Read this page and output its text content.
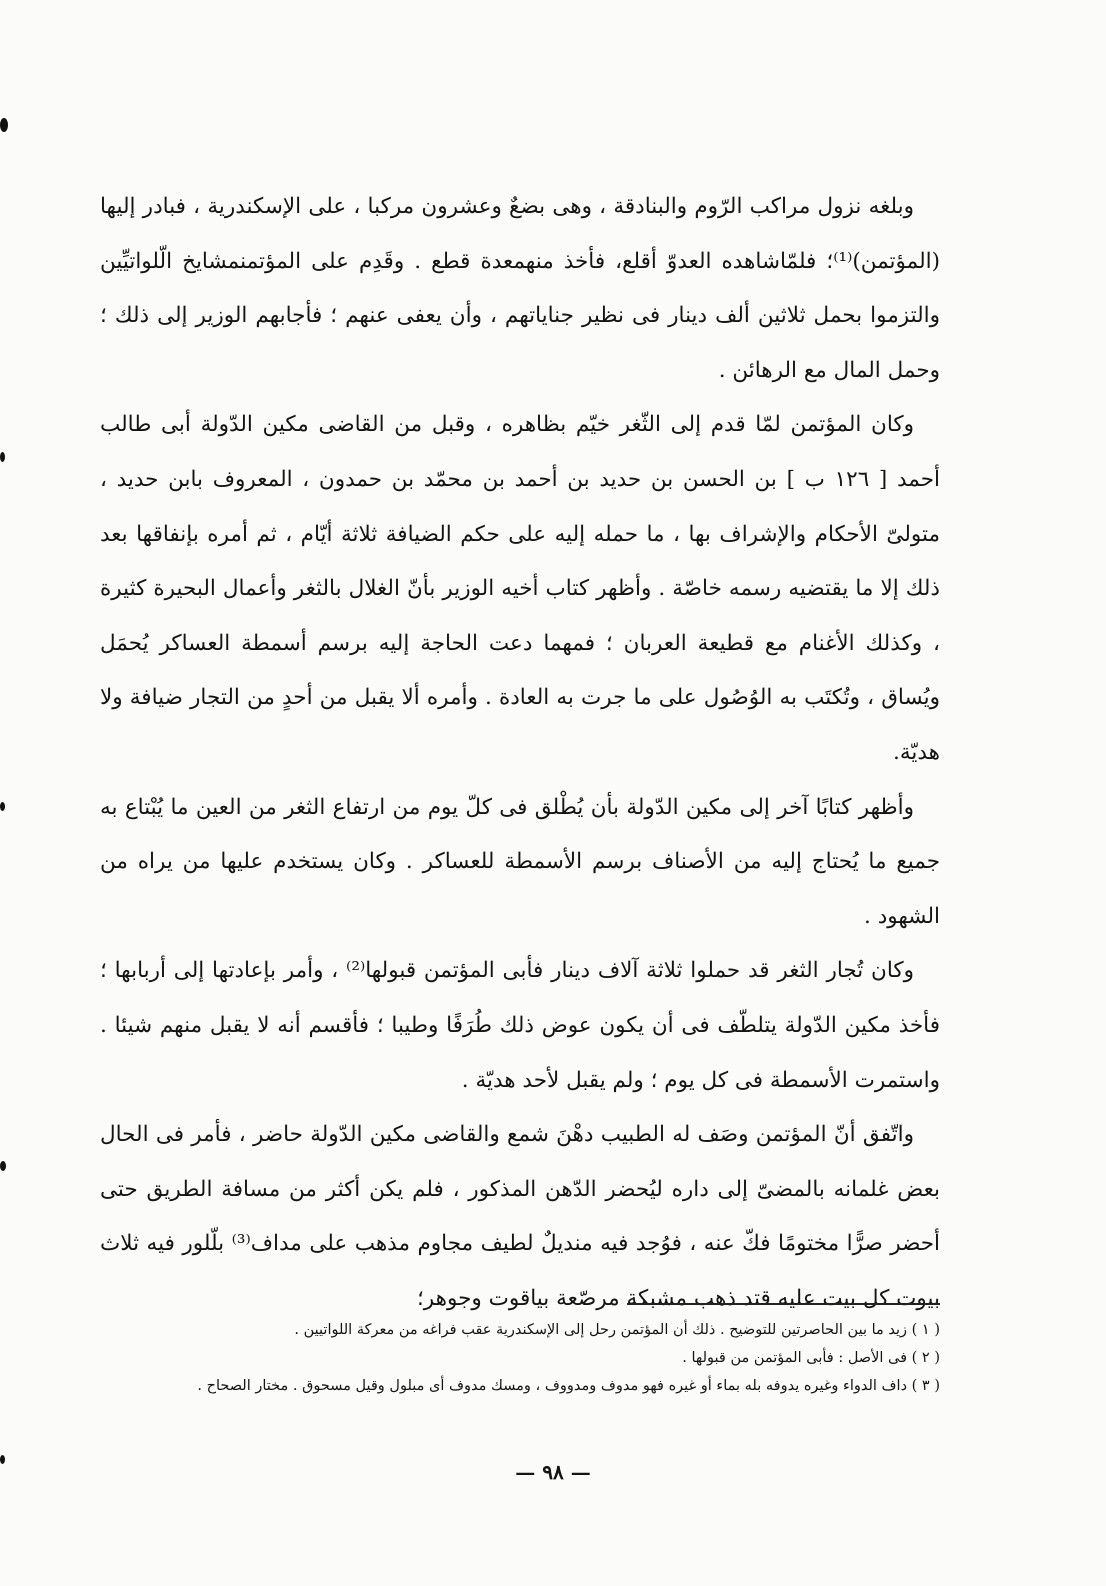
وبلغه نزول مراكب الرّوم والبنادقة ، وهى بضعٌ وعشرون مركبا ، على الإسكندرية ، فبادر إليها (المؤتمن)⁽¹⁾؛ فلمّاشاهده العدوّ أقلع، فأخذ منهمعدة قطع . وقَدِم على المؤتمنمشايخ الّلواتيِّين والتزموا بحمل ثلاثين ألف دينار فى نظير جناياتهم ، وأن يعفى عنهم ؛ فأجابهم الوزير إلى ذلك ؛ وحمل المال مع الرهائن .

وكان المؤتمن لمّا قدم إلى الثّغر خيّم بظاهره ، وقبل من القاضى مكين الدّولة أبى طالب أحمد [ ١٢٦ ب ] بن الحسن بن حديد بن أحمد بن محمّد بن حمدون ، المعروف بابن حديد ، متولىّ الأحكام والإشراف بها ، ما حمله إليه على حكم الضيافة ثلاثة أيّام ، ثم أمره بإنفاقها بعد ذلك إلا ما يقتضيه رسمه خاصّة . وأظهر كتاب أخيه الوزير بأنّ الغلال بالثغر وأعمال البحيرة كثيرة ، وكذلك الأغنام مع قطيعة العربان ؛ فمهما دعت الحاجة إليه برسم أسمطة العساكر يُحمَل ويُساق ، وتُكتَب به الوُصُول على ما جرت به العادة . وأمره ألا يقبل من أحدٍ من التجار ضيافة ولا هديّة.

وأظهر كتابًا آخر إلى مكين الدّولة بأن يُطْلق فى كلّ يوم من ارتفاع الثغر من العين ما يُبْتاع به جميع ما يُحتاج إليه من الأصناف برسم الأسمطة للعساكر . وكان يستخدم عليها من يراه من الشهود .

وكان تُجار الثغر قد حملوا ثلاثة آلاف دينار فأبى المؤتمن قبولها⁽²⁾ ، وأمر بإعادتها إلى أربابها ؛ فأخذ مكين الدّولة يتلطّف فى أن يكون عوض ذلك طُرَفًا وطيبا ؛ فأقسم أنه لا يقبل منهم شيئا . واستمرت الأسمطة فى كل يوم ؛ ولم يقبل لأحد هديّة .

واتّفق أنّ المؤتمن وصَف له الطبيب دهْنَ شمع والقاضى مكين الدّولة حاضر ، فأمر فى الحال بعض غلمانه بالمضىّ إلى داره ليُحضر الدّهن المذكور ، فلم يكن أكثر من مسافة الطريق حتى أحضر صرًّا مختومًا فكّ عنه ، فوُجد فيه منديلٌ لطيف مجاوم مذهب على مداف⁽³⁾ بلّلور فيه ثلاث بيوت كل بيت عليه قتد ذهب مشبكة مرصّعة بياقوت وجوهر؛

( ١ ) زيد ما بين الحاصرتين للتوضيح . ذلك أن المؤتمن رحل إلى الإسكندرية عقب فراغه من معركة اللواتيين .

( ٢ ) فى الأصل : فأبى المؤتمن من قبولها .

( ٣ ) داف الدواء وغيره يدوفه بله بماء أو غيره فهو مدوف ومدووف ، ومسك مدوف أى مبلول وقيل مسحوق . مختار الصحاح .

— ٩٨ —
